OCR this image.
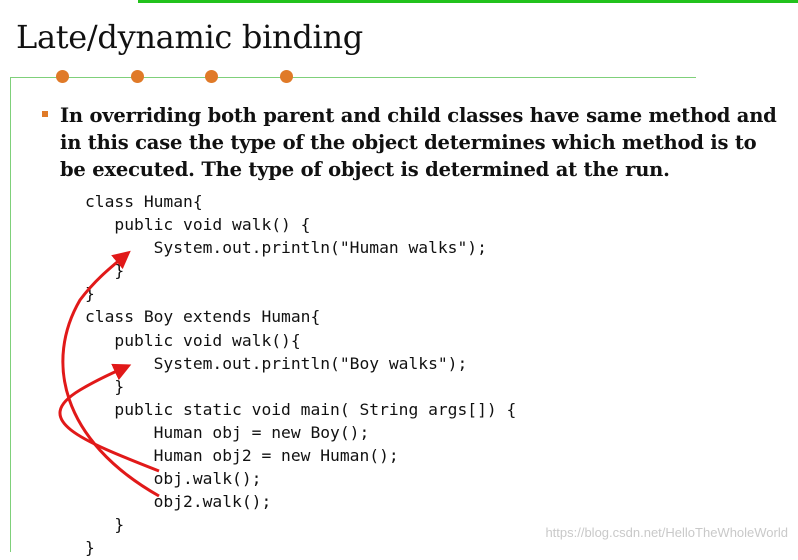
Late/dynamic binding

In overriding both parent and child classes have same method and in this case the type of the object determines which method is to be executed. The type of object is determined at the run.

class Human{
public void walk() {
System.out.println("Human walks");
}
}
class Boy extends Human{
public void walk(){
System.out.println("Boy walks");
}
public static void main( String args[]) {
Human obj = new Boy();
Human obj2 = new Human();
obj.walk();
obj2.walk();
}
}
https://blog.csdn.net/HelloTheWholeWorld
